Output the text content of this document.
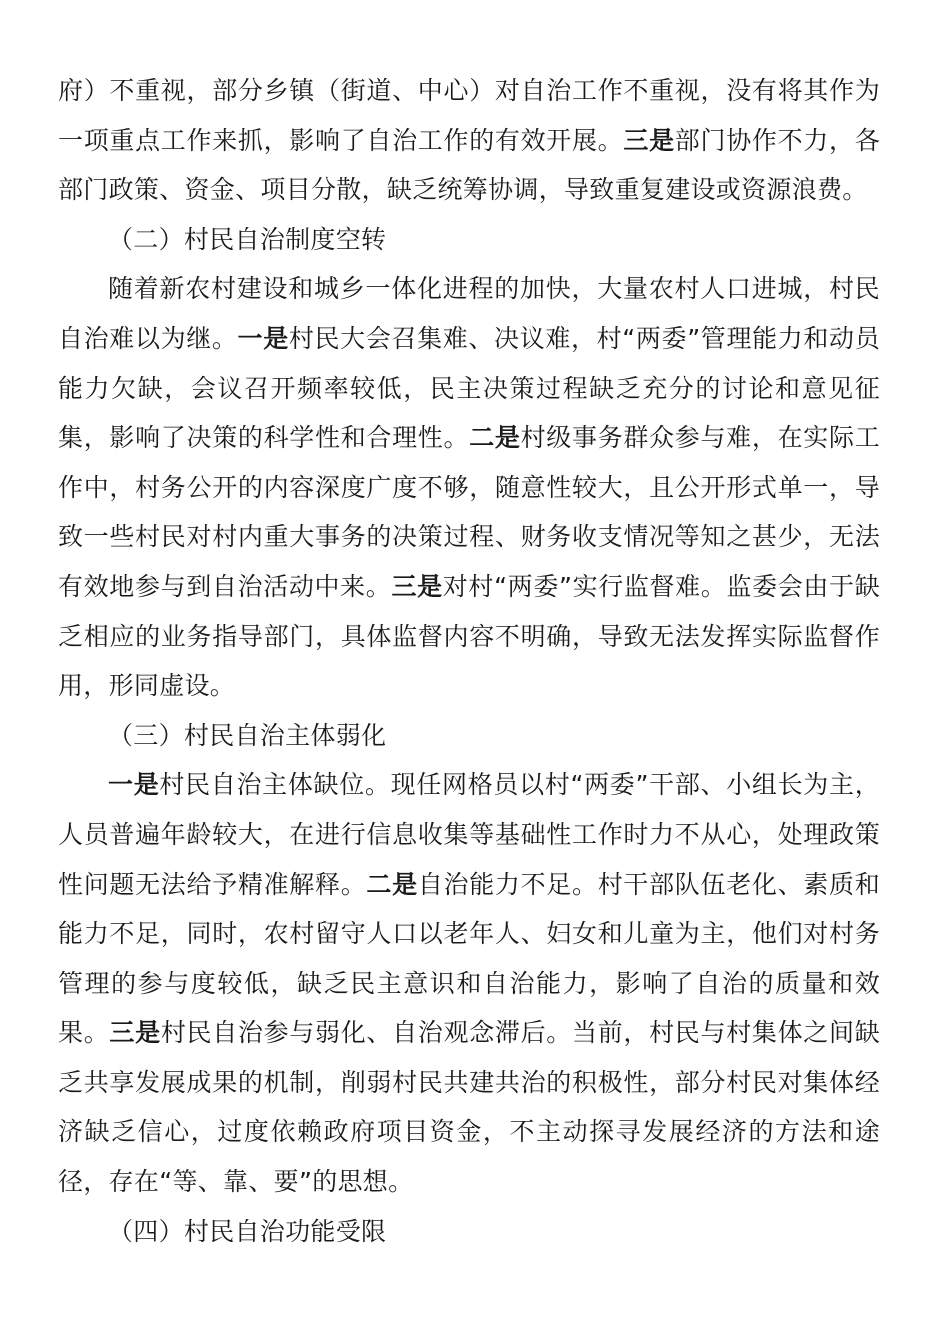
府）不重视，部分乡镇（街道、中心）对自治工作不重视，没有将其作为一项重点工作来抓，影响了自治工作的有效开展。三是部门协作不力，各部门政策、资金、项目分散，缺乏统筹协调，导致重复建设或资源浪费。

（二）村民自治制度空转

随着新农村建设和城乡一体化进程的加快，大量农村人口进城，村民自治难以为继。一是村民大会召集难、决议难，村“两委”管理能力和动员能力欠缺，会议召开频率较低，民主决策过程缺乏充分的讨论和意见征集，影响了决策的科学性和合理性。二是村级事务群众参与难，在实际工作中，村务公开的内容深度广度不够，随意性较大，且公开形式单一，导致一些村民对村内重大事务的决策过程、财务收支情况等知之甚少，无法有效地参与到自治活动中来。三是对村“两委”实行监督难。监委会由于缺乏相应的业务指导部门，具体监督内容不明确，导致无法发挥实际监督作用，形同虚设。

（三）村民自治主体弱化

一是村民自治主体缺位。现任网格员以村“两委”干部、小组长为主，人员普遍年龄较大，在进行信息收集等基础性工作时力不从心，处理政策性问题无法给予精准解释。二是自治能力不足。村干部队伍老化、素质和能力不足，同时，农村留守人口以老年人、妇女和儿童为主，他们对村务管理的参与度较低，缺乏民主意识和自治能力，影响了自治的质量和效果。三是村民自治参与弱化、自治观念滞后。当前，村民与村集体之间缺乏共享发展成果的机制，削弱村民共建共治的积极性，部分村民对集体经济缺乏信心，过度依赖政府项目资金，不主动探寻发展经济的方法和途径，存在“等、靠、要”的思想。

（四）村民自治功能受限
